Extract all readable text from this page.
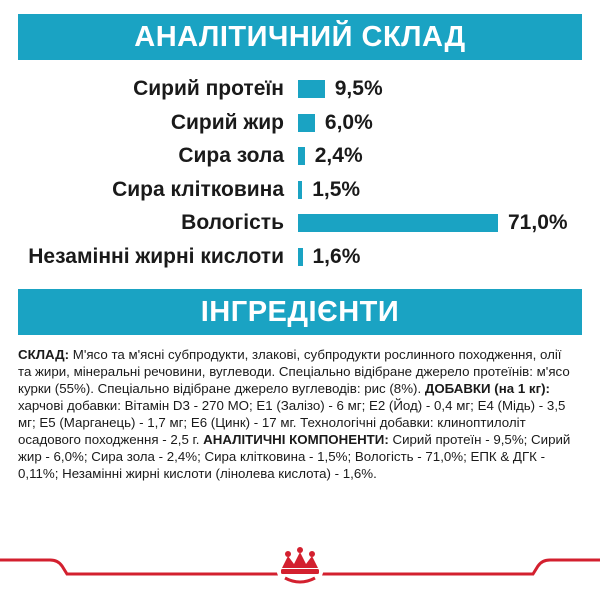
АНАЛІТИЧНИЙ СКЛАД
Сирий протеїн 9,5%
Сирий жир 6,0%
Сира зола 2,4%
Сира клітковина 1,5%
Вологість	71,0%
Незамінні жирні кислоти 1,6%
ІНГРЕДІЄНТИ
СКЛАД: М'ясо та м'ясні субпродукти, злакові, субпродукти рослинного походження, олії та жири, мінеральні речовини, вуглеводи. Спеціально відібране джерело протеїнів: м'ясо курки (55%). Спеціально відібране джерело вуглеводів: рис (8%). ДОБАВКИ (на 1 кг): харчові добавки: Вітамін D3 - 270 МО; E1 (Залізо) - 6 мг; E2 (Йод) - 0,4 мг; E4 (Мідь) - 3,5 мг; E5 (Марганець) - 1,7 мг; E6 (Цинк) - 17 мг. Технологічні добавки: клиноптилоліт осадового походження - 2,5 г. АНАЛІТИЧНІ КОМПОНЕНТИ: Сирий протеїн - 9,5%; Сирий жир - 6,0%; Сира зола - 2,4%; Сира клітковина - 1,5%; Вологість - 71,0%; ЕПК & ДГК - 0,11%; Незамінні жирні кислоти (лінолева кислота) - 1,6%.
